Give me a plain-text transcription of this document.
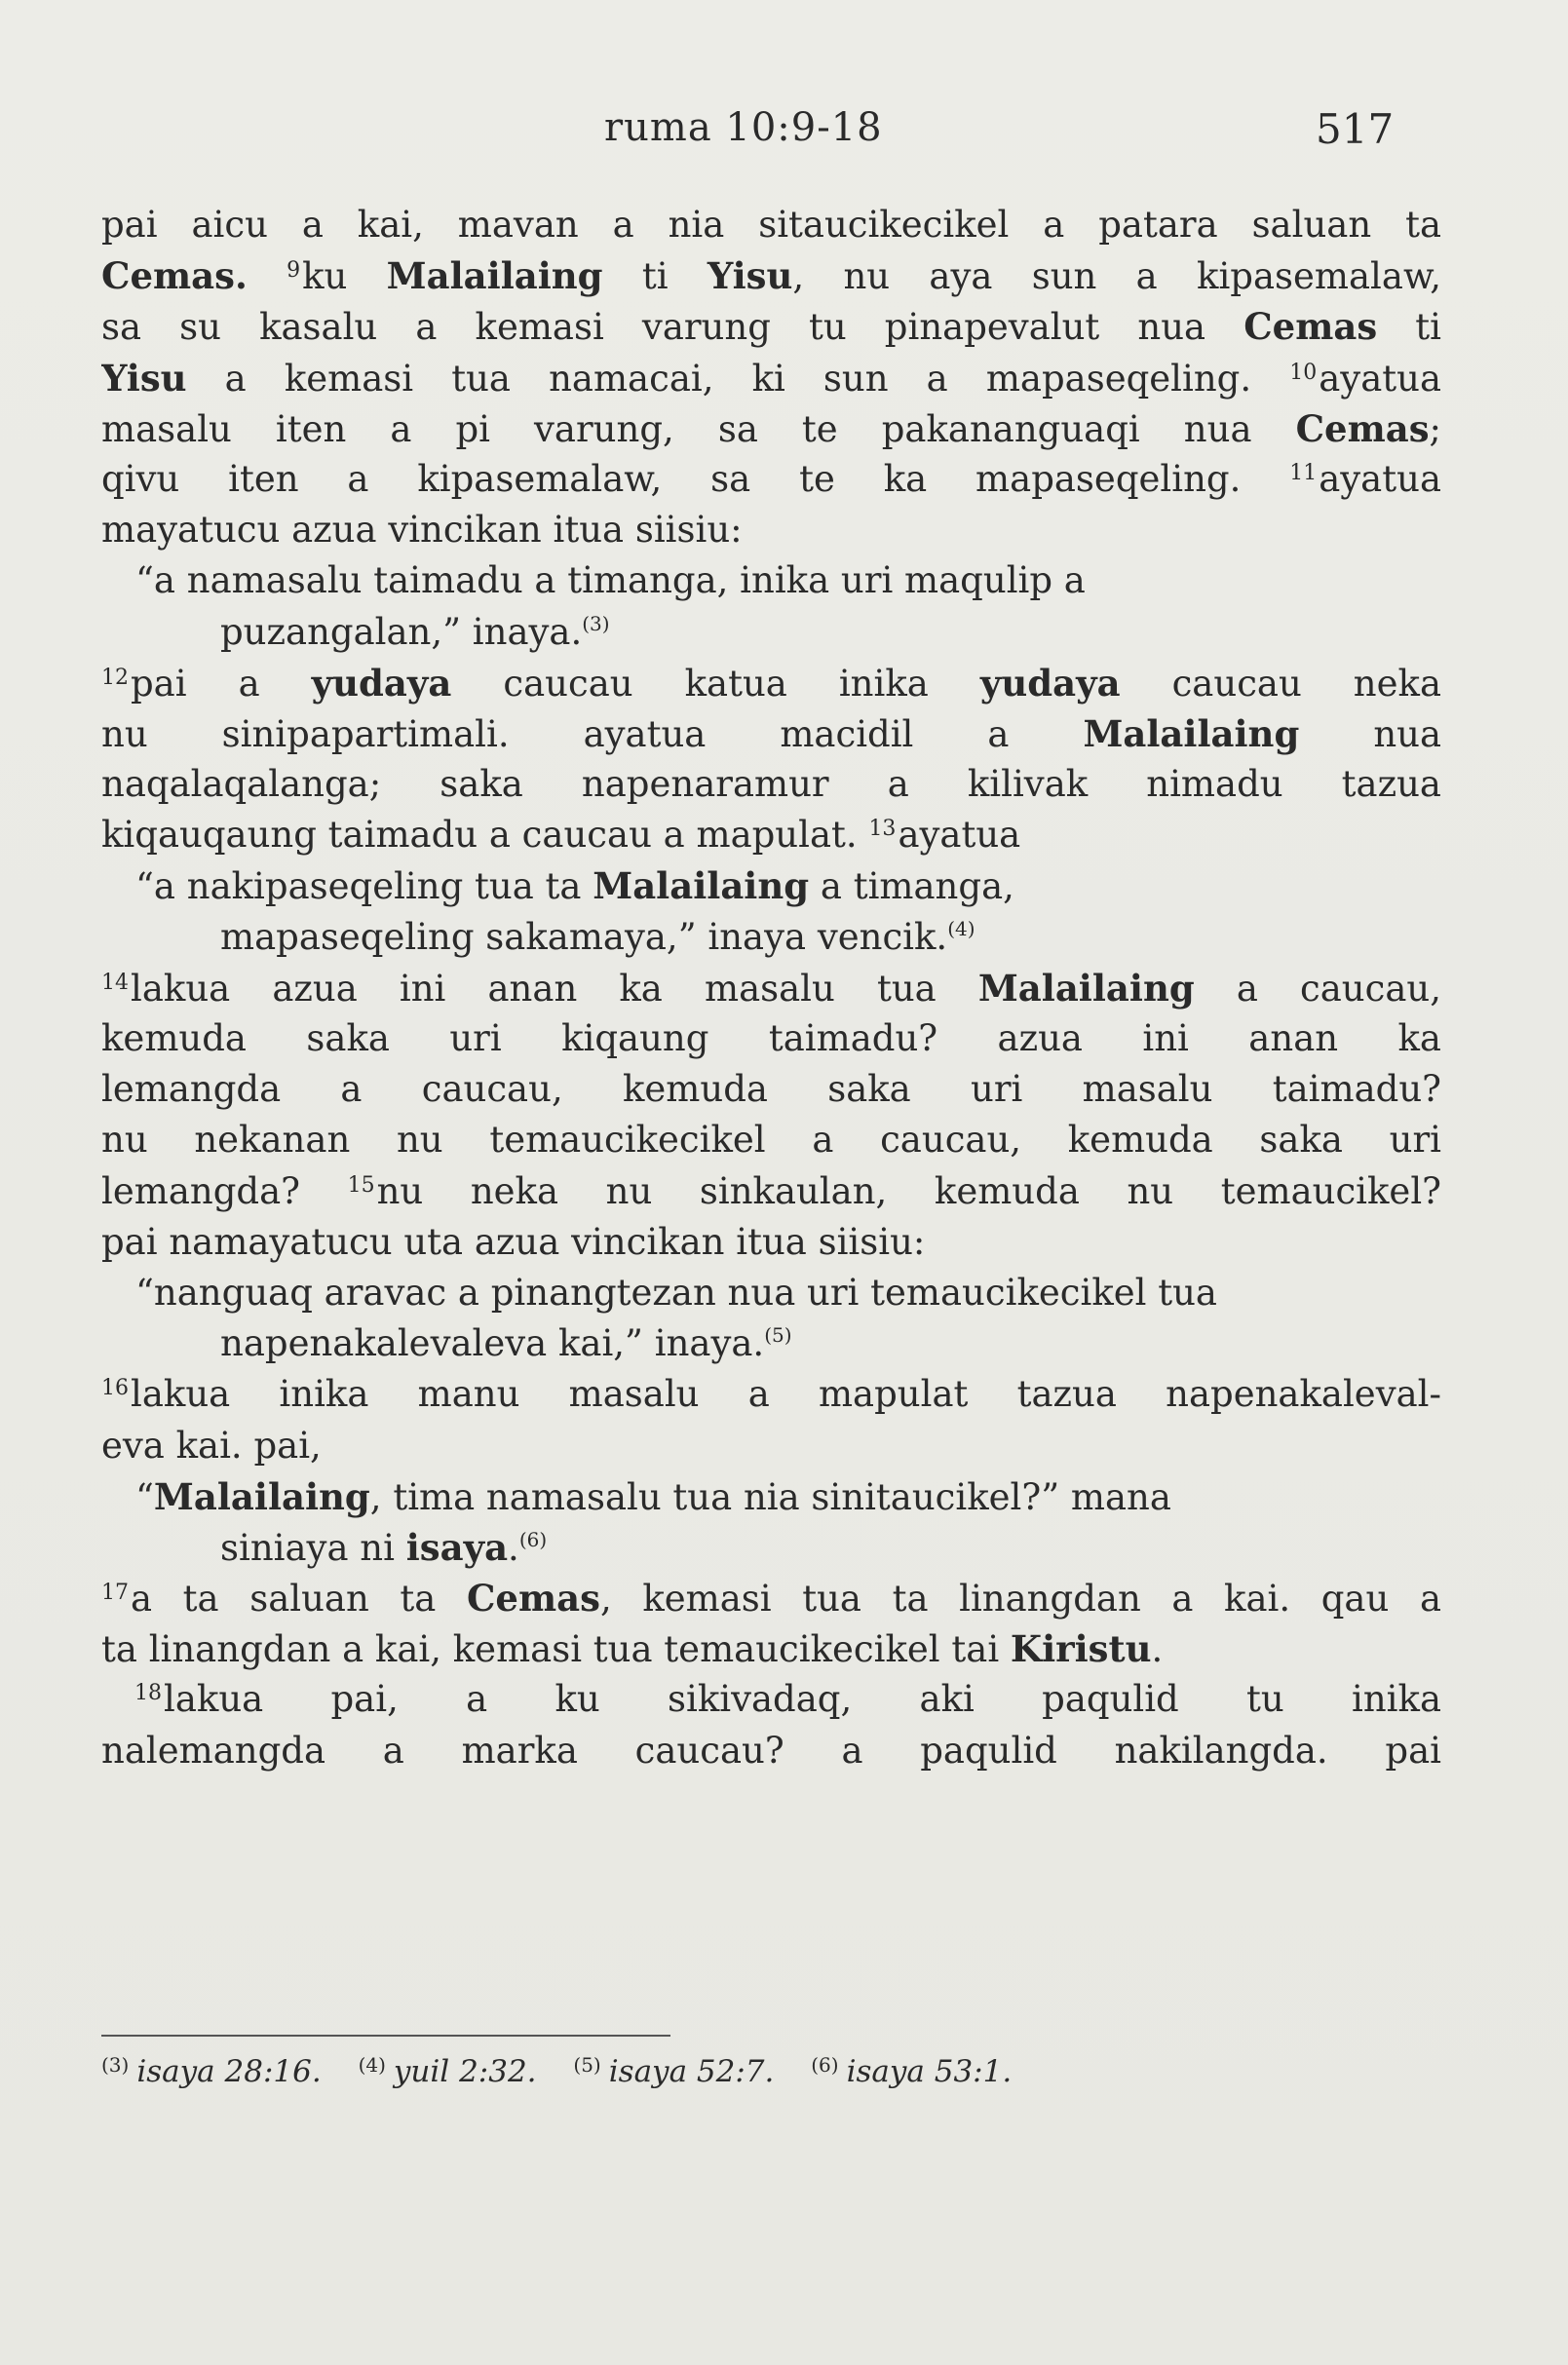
ruma 10:9-18	517
pai aicu a kai, mavan a nia sitaucikecikel a patara saluan ta
Cemas. $^9$ku Malailaing ti Yisu, nu aya sun a kipasemalaw,
sa su kasalu a kemasi varung tu pinapevalut nua Cemas ti
Yisu a kemasi tua namacai, ki sun a mapaseqeling. $^{10}$ayatua
masalu iten a pi varung, sa te pakananguaqi nua Cemas;
qivu iten a kipasemalaw, sa te ka mapaseqeling. $^{11}$ayatua
mayatucu azua vincikan itua siisiu:
“a namasalu taimadu a timanga, inika uri maqulip a
puzangalan,” inaya.$^{(3)}$
$^{12}$pai a yudaya caucau katua inika yudaya caucau neka
nu sinipapartimali. ayatua macidil a Malailaing nua
naqalaqalanga; saka napenaramur a kilivak nimadu tazua
kiqauqaung taimadu a caucau a mapulat. $^{13}$ayatua
“a nakipaseqeling tua ta Malailaing a timanga,
mapaseqeling sakamaya,” inaya vencik.$^{(4)}$
$^{14}$lakua azua ini anan ka masalu tua Malailaing a caucau,
kemuda saka uri kiqaung taimadu? azua ini anan ka
lemangda a caucau, kemuda saka uri masalu taimadu?
nu nekanan nu temaucikecikel a caucau, kemuda saka uri
lemangda? $^{15}$nu neka nu sinkaulan, kemuda nu temaucikel?
pai namayatucu uta azua vincikan itua siisiu:
“nanguaq aravac a pinangtezan nua uri temaucikecikel tua
napenakalevaleva kai,” inaya.$^{(5)}$
$^{16}$lakua inika manu masalu a mapulat tazua napenakaleval-
eva kai. pai,
“Malailaing, tima namasalu tua nia sinitaucikel?” mana
siniaya ni isaya.$^{(6)}$
$^{17}$a ta saluan ta Cemas, kemasi tua ta linangdan a kai. qau a
ta linangdan a kai, kemasi tua temaucikecikel tai Kiristu.
$^{18}$lakua pai, a ku sikivadaq, aki paqulid tu inika
nalemangda a marka caucau? a paqulid nakilangda. pai
$^{(3)}$ isaya 28:16. $^{(4)}$ yuil 2:32. $^{(5)}$ isaya 52:7. $^{(6)}$ isaya 53:1.
